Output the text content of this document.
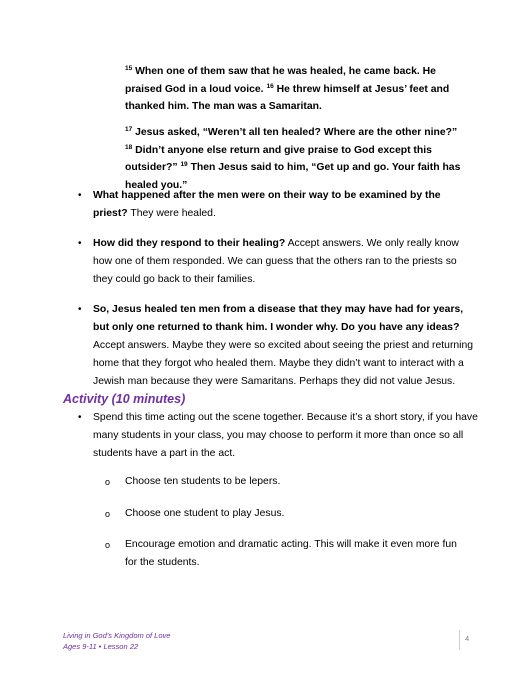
$^{15}$ When one of them saw that he was healed, he came back. He praised God in a loud voice. $^{16}$ He threw himself at Jesus’ feet and thanked him. The man was a Samaritan.
$^{17}$ Jesus asked, “Weren’t all ten healed? Where are the other nine?” $^{18}$ Didn’t anyone else return and give praise to God except this outsider?” $^{19}$ Then Jesus said to him, “Get up and go. Your faith has healed you.”
• What happened after the men were on their way to be examined by the priest? They were healed.
• How did they respond to their healing? Accept answers. We only really know how one of them responded. We can guess that the others ran to the priests so they could go back to their families.
• So, Jesus healed ten men from a disease that they may have had for years, but only one returned to thank him. I wonder why. Do you have any ideas? Accept answers. Maybe they were so excited about seeing the priest and returning home that they forgot who healed them. Maybe they didn’t want to interact with a Jewish man because they were Samaritans. Perhaps they did not value Jesus.
Activity (10 minutes)
• Spend this time acting out the scene together. Because it’s a short story, if you have many students in your class, you may choose to perform it more than once so all students have a part in the act.
o Choose ten students to be lepers.
o Choose one student to play Jesus.
o Encourage emotion and dramatic acting. This will make it even more fun for the students.
Living in God’s Kingdom of Love
Ages 9-11 • Lesson 22
4
